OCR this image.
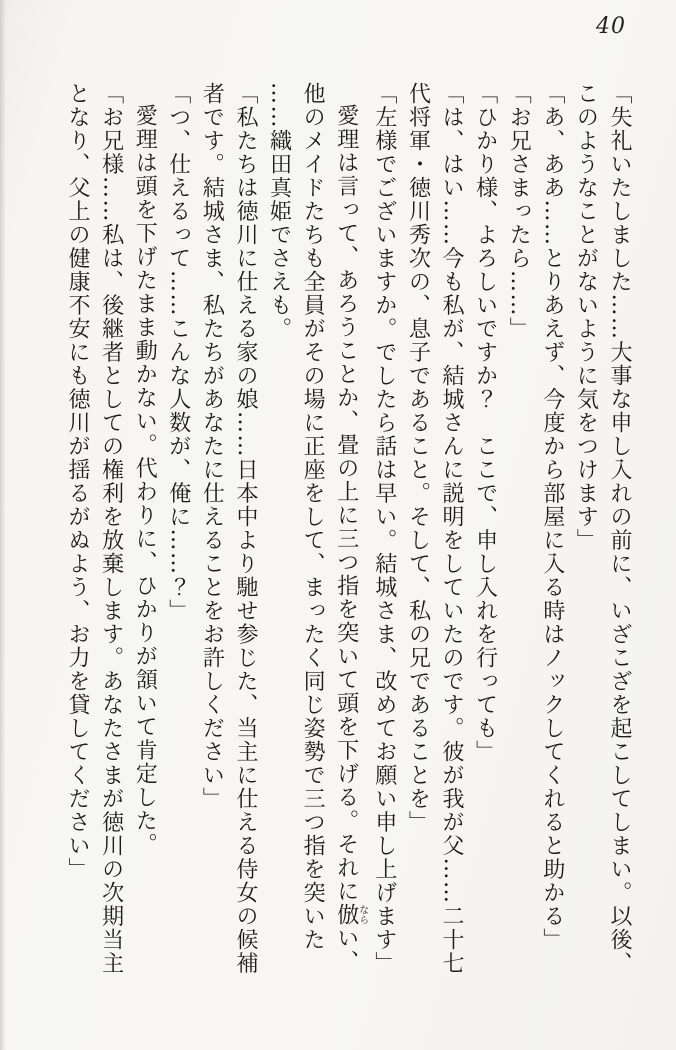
40
「失礼いたしました……大事な申し入れの前に、いざこざを起こしてしまい。以後、
このようなことがないように気をつけます」
「あ、ああ……とりあえず、今度から部屋に入る時はノックしてくれると助かる」
「お兄さまったら……」
「ひかり様、よろしいですか？　ここで、申し入れを行っても」
「は、はい……今も私が、結城さんに説明をしていたのです。彼が我が父……二十七
代将軍・徳川秀次の、息子であること。そして、私の兄であることを」
「左様でございますか。でしたら話は早い。結城さま、改めてお願い申し上げます」
愛理は言って、あろうことか、畳の上に三つ指を突いて頭を下げる。それに倣ならい、
他のメイドたちも全員がその場に正座をして、まったく同じ姿勢で三つ指を突いた
……織田真姫でさえも。
「私たちは徳川に仕える家の娘……日本中より馳せ参じた、当主に仕える侍女の候補
者です。結城さま、私たちがあなたに仕えることをお許しください」
「つ、仕えるって……こんな人数が、俺に……？」
愛理は頭を下げたまま動かない。代わりに、ひかりが頷いて肯定した。
「お兄様……私は、後継者としての権利を放棄します。あなたさまが徳川の次期当主
となり、父上の健康不安にも徳川が揺るがぬよう、お力を貸してください」
